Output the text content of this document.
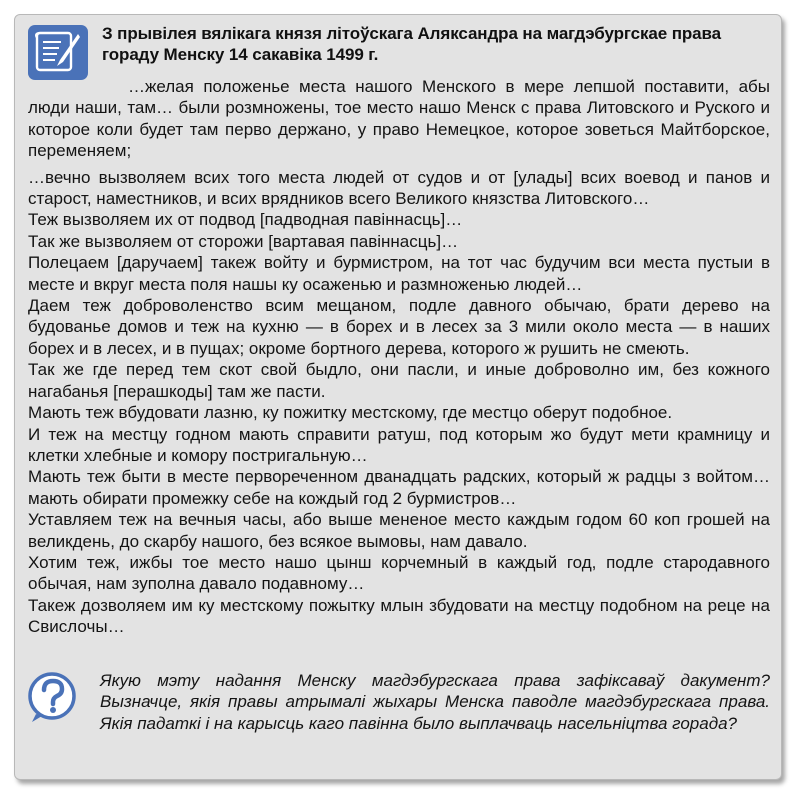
З прывілея вялікага князя літоўскага Аляксандра на магдэбургскае права гораду Менску 14 сакавіка 1499 г.

…желая положенье места нашого Менского в мере лепшой поставити, абы люди наши, там… были розмножены, тое место нашо Менск с права Литовского и Руского и которое коли будет там перво держано, у право Немецкое, которое зоветься Майтборское, переменяем;

…вечно вызволяем всих того места людей от судов и от [улады] всих воевод и панов и старост, наместников, и всих врядников всего Великого князства Литовского…

Теж вызволяем их от подвод [падводная павіннасць]…

Так же вызволяем от сторожи [вартавая павіннасць]…

Полецаем [даручаем] такеж войту и бурмистром, на тот час будучим вси места пустыи в месте и вкруг места поля нашы ку осаженью и размноженью людей…

Даем теж доброволенство всим мещаном, подле давного обычаю, брати дерево на будованье домов и теж на кухню — в борех и в лесех за 3 мили около места — в наших борех и в лесех, и в пущах; окроме бортного дерева, которого ж рушить не смеють.

Так же где перед тем скот свой быдло, они пасли, и иные доброволно им, без кожного нагабанья [перашкоды] там же пасти.

Мають теж вбудовати лазню, ку пожитку местскому, где местцо оберут подобное.

И теж на местцу годном мають справити ратуш, под которым жо будут мети крамницу и клетки хлебные и комору постригальную…

Мають теж быти в месте первореченном дванадцать радских, который ж радцы з войтом… мають обирати промежку себе на кождый год 2 бурмистров…

Уставляем теж на вечныя часы, або выше мененое место каждым годом 60 коп грошей на великдень, до скарбу нашого, без всякое вымовы, нам давало.

Хотим теж, ижбы тое место нашо цынш корчемный в каждый год, подле стародавного обычая, нам зуполна давало подавному…

Такеж дозволяем им ку местскому пожытку млын збудовати на местцу подобном на реце на Свислочы…

Якую мэту надання Менску магдэбургскага права зафіксаваў дакумент? Вызначце, якія правы атрымалі жыхары Менска паводле магдэбургскага права. Якія падаткі і на карысць каго павінна было выплачваць насельніцтва горада?
